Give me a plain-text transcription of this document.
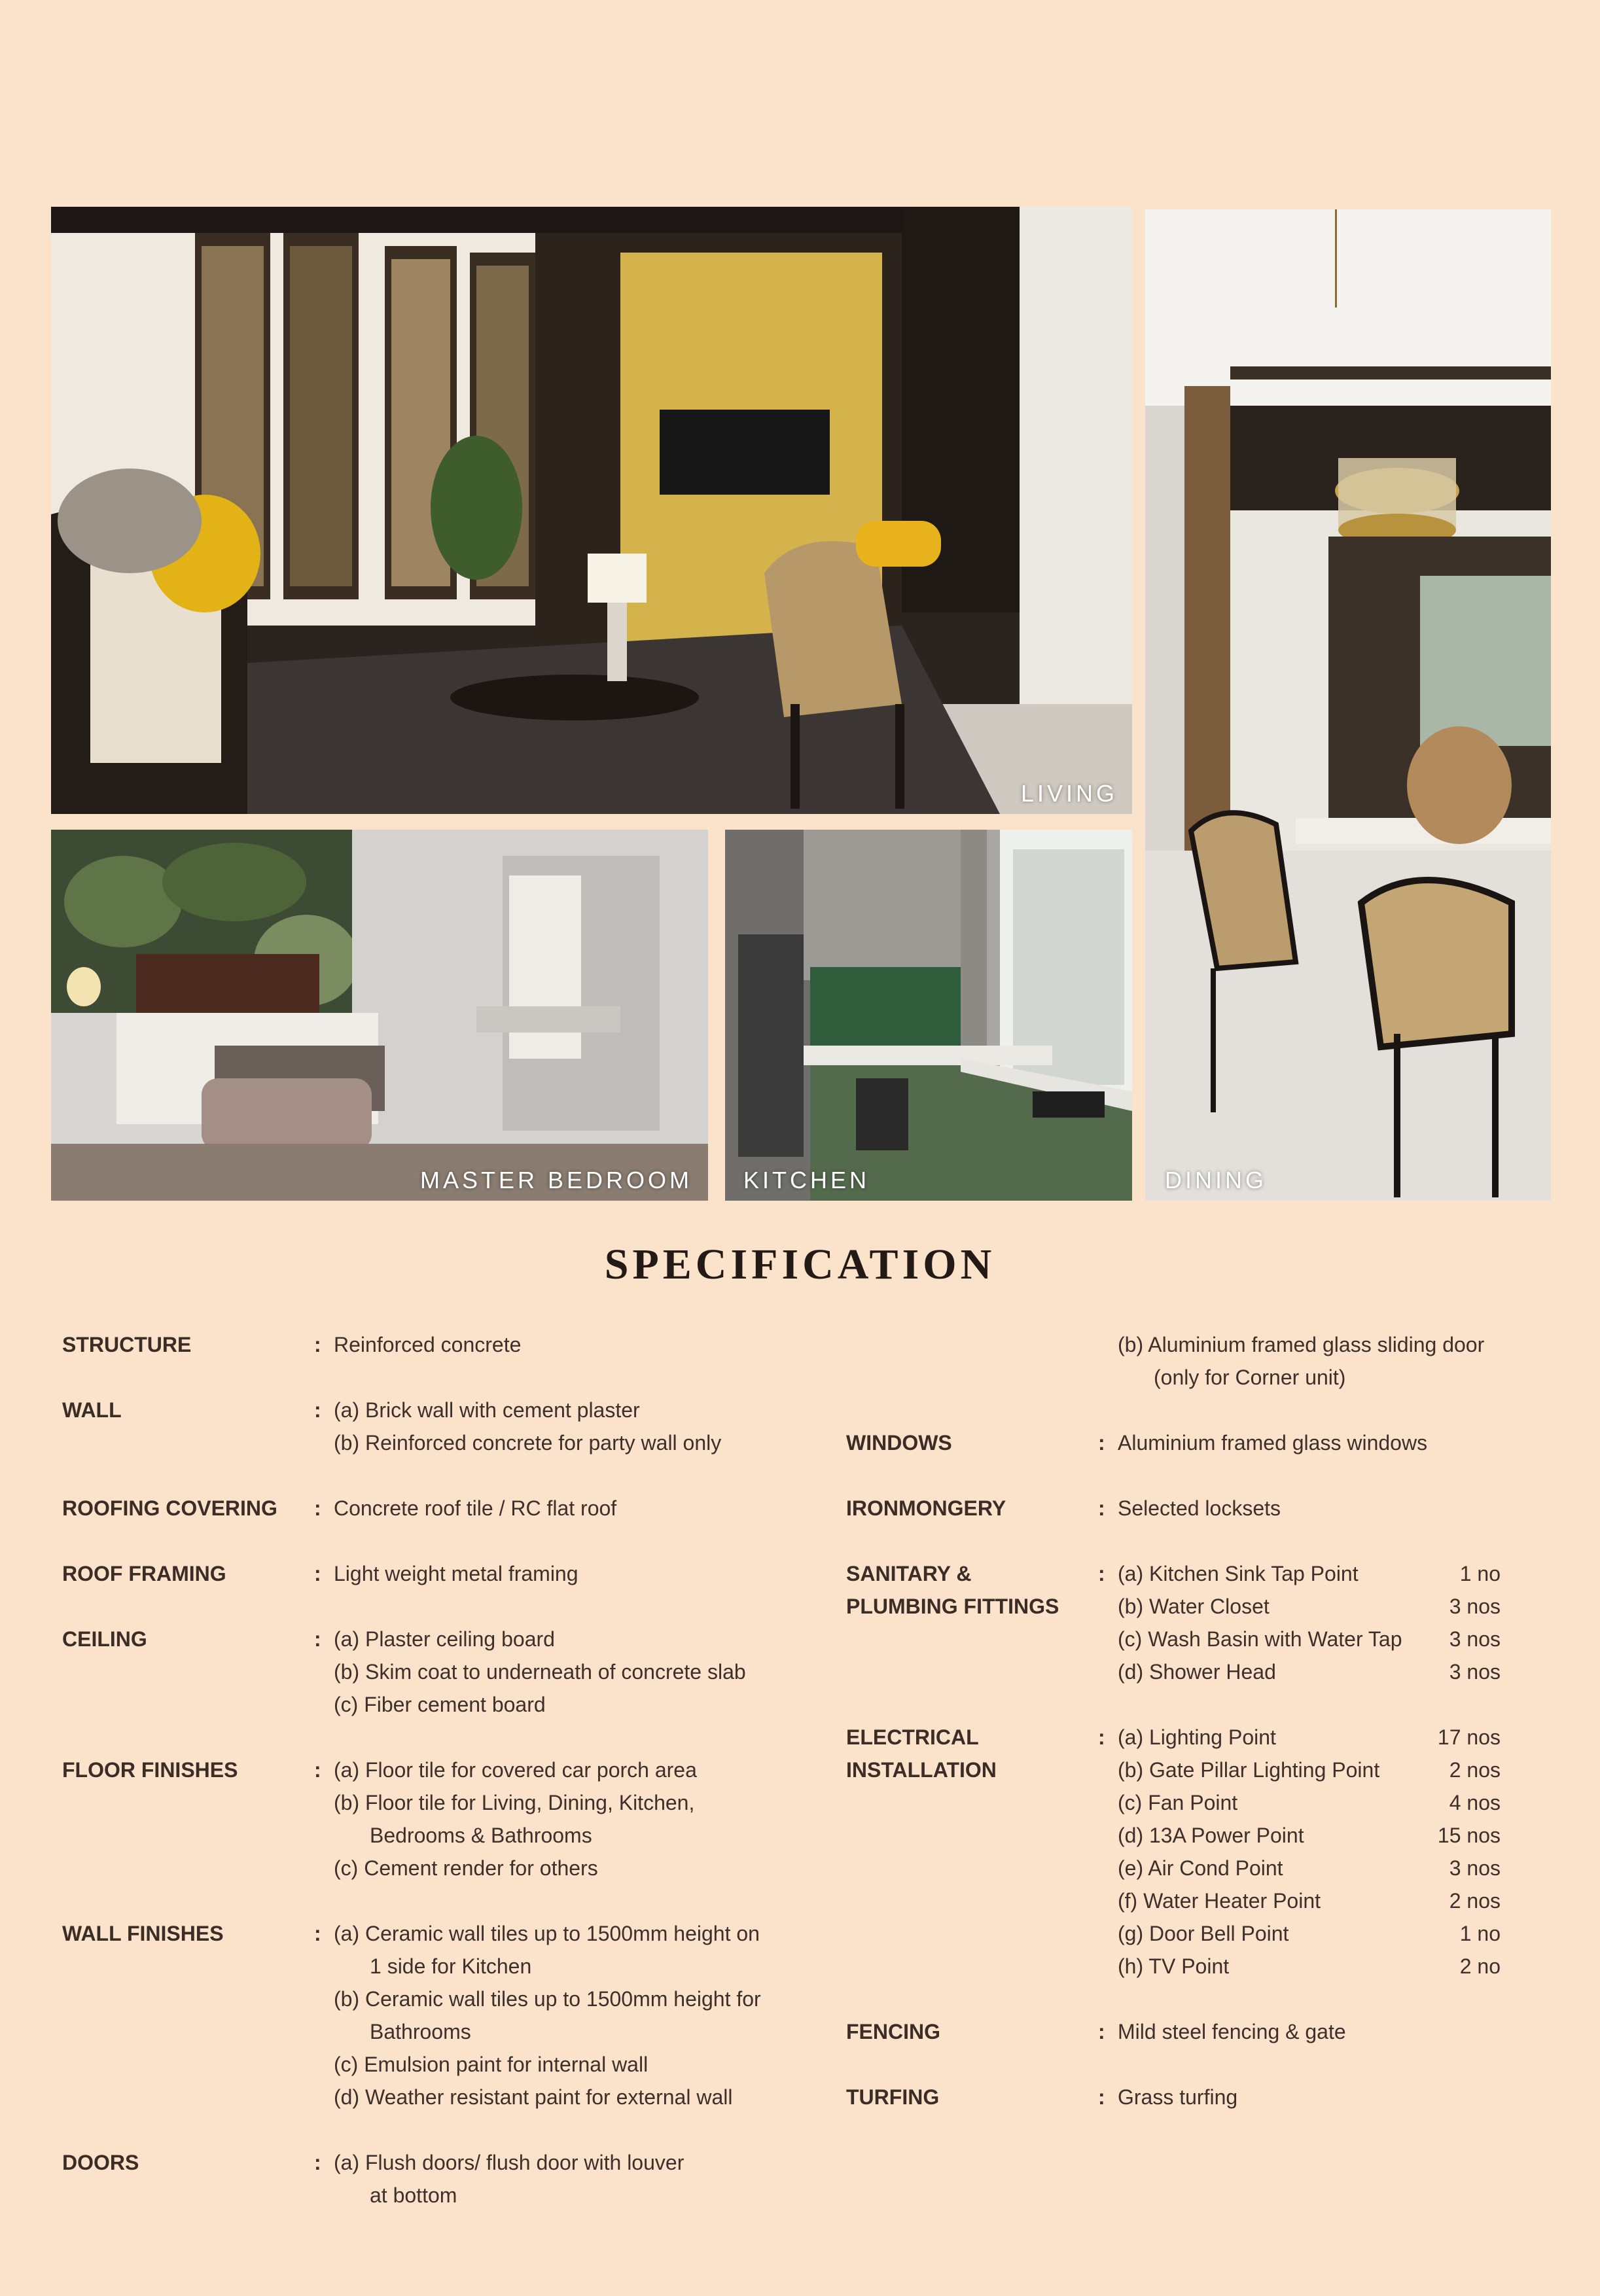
LIVING
DINING
MASTER BEDROOM KITCHEN
SPECIFICATION
STRUCTURE	: Reinforced concrete
WALL	: (a) Brick wall with cement plaster
(b) Reinforced concrete for party wall only
ROOFING COVERING : Concrete roof tile / RC flat roof
ROOF FRAMING	: Light weight metal framing
CEILING	: (a) Plaster ceiling board
(b) Skim coat to underneath of concrete slab
(c) Fiber cement board
FLOOR FINISHES	: (a) Floor tile for covered car porch area
(b) Floor tile for Living, Dining, Kitchen,
Bedrooms & Bathrooms
(c) Cement render for others
WALL FINISHES	: (a) Ceramic wall tiles up to 1500mm height on
1 side for Kitchen
(b) Ceramic wall tiles up to 1500mm height for
Bathrooms
(c) Emulsion paint for internal wall
(d) Weather resistant paint for external wall
DOORS	: (a) Flush doors/ flush door with louver
at bottom
(b) Aluminium framed glass sliding door
(only for Corner unit)
WINDOWS	: Aluminium framed glass windows
IRONMONGERY	: Selected locksets
SANITARY &
PLUMBING FITTINGS
: (a) Kitchen Sink Tap Point	1 no
(b) Water Closet	3 nos
(c) Wash Basin with Water Tap 3 nos
(d) Shower Head	3 nos
ELECTRICAL
INSTALLATION
: (a) Lighting Point	17 nos
(b) Gate Pillar Lighting Point	2 nos
(c) Fan Point	4 nos
(d) 13A Power Point	15 nos
(e) Air Cond Point	3 nos
(f) Water Heater Point	2 nos
(g) Door Bell Point	1 no
(h) TV Point	2 no
FENCING	: Mild steel fencing & gate
TURFING	: Grass turfing
